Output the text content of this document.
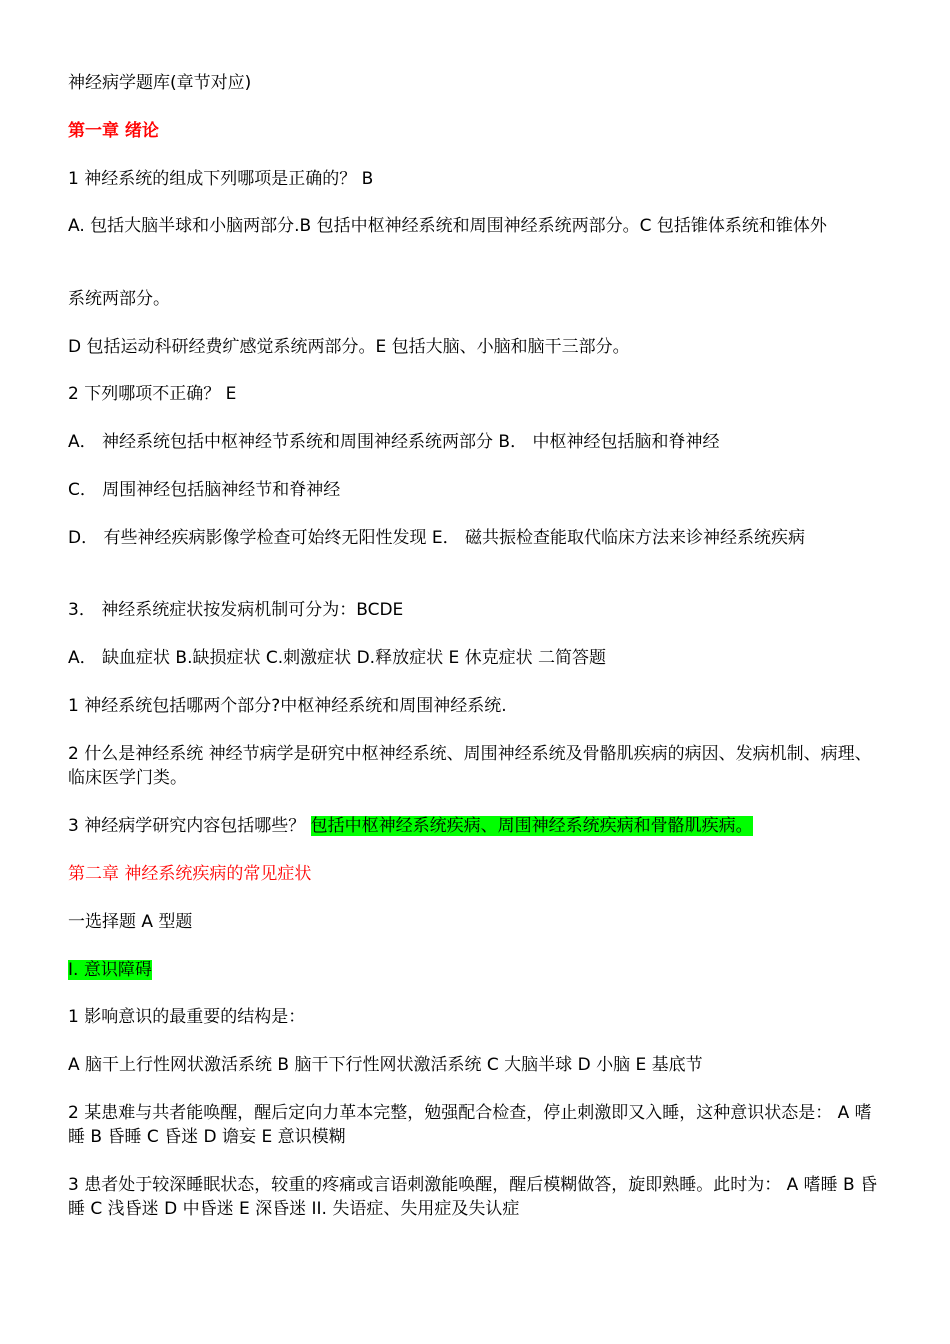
神经病学题库(章节对应)
第一章 绪论
1 神经系统的组成下列哪项是正确的？ B
A. 包括大脑半球和小脑两部分.B 包括中枢神经系统和周围神经系统两部分。C 包括锥体系统和锥体外
系统两部分。
D 包括运动科研经费纩感觉系统两部分。E 包括大脑、小脑和脑干三部分。
2 下列哪项不正确？ E
A． 神经系统包括中枢神经节系统和周围神经系统两部分 B． 中枢神经包括脑和脊神经
C． 周围神经包括脑神经节和脊神经
D． 有些神经疾病影像学检查可始终无阳性发现 E． 磁共振检查能取代临床方法来诊神经系统疾病
3． 神经系统症状按发病机制可分为：BCDE
A． 缺血症状 B.缺损症状 C.刺激症状 D.释放症状 E 休克症状 二简答题
1 神经系统包括哪两个部分?中枢神经系统和周围神经系统.
2 什么是神经系统 神经节病学是研究中枢神经系统、周围神经系统及骨骼肌疾病的病因、发病机制、病理、临床医学门类。
3 神经病学研究内容包括哪些？ 包括中枢神经系统疾病、周围神经系统疾病和骨骼肌疾病。
第二章 神经系统疾病的常见症状
一选择题 A 型题
I. 意识障碍
1 影响意识的最重要的结构是：
A 脑干上行性网状激活系统 B 脑干下行性网状激活系统 C 大脑半球 D 小脑 E 基底节
2 某患难与共者能唤醒，醒后定向力革本完整，勉强配合检查，停止刺激即又入睡，这种意识状态是： A 嗜睡 B 昏睡 C 昏迷 D 谵妄 E 意识模糊
3 患者处于较深睡眠状态，较重的疼痛或言语刺激能唤醒，醒后模糊做答，旋即熟睡。此时为： A 嗜睡 B 昏睡 C 浅昏迷 D 中昏迷 E 深昏迷 II. 失语症、失用症及失认症
